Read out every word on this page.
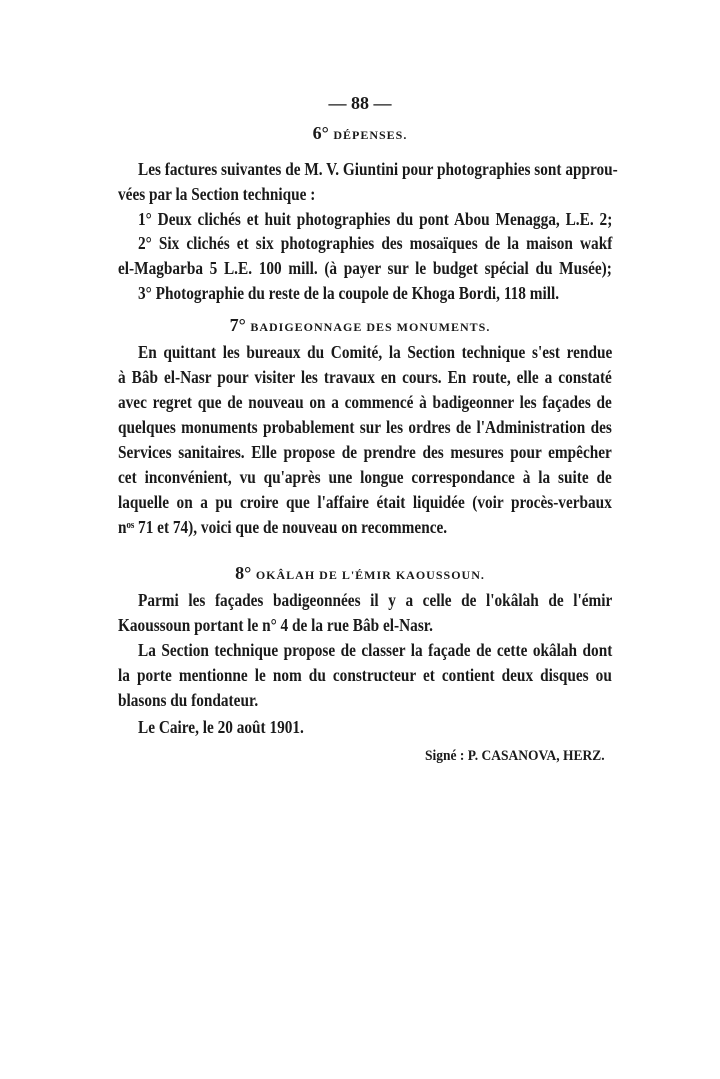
— 88 —
6° DÉPENSES.
Les factures suivantes de M. V. Giuntini pour photographies sont approu-
vées par la Section technique :
1° Deux clichés et huit photographies du pont Abou Menagga, L.E. 2;
2° Six clichés et six photographies des mosaïques de la maison wakf
el-Magbarba 5 L.E. 100 mill. (à payer sur le budget spécial du Musée);
3° Photographie du reste de la coupole de Khoga Bordi, 118 mill.
7° BADIGEONNAGE DES MONUMENTS.
En quittant les bureaux du Comité, la Section technique s'est rendue
à Bâb el-Nasr pour visiter les travaux en cours. En route, elle a constaté
avec regret que de nouveau on a commencé à badigeonner les façades de
quelques monuments probablement sur les ordres de l'Administration des
Services sanitaires. Elle propose de prendre des mesures pour empêcher
cet inconvénient, vu qu'après une longue correspondance à la suite de
laquelle on a pu croire que l'affaire était liquidée (voir procès-verbaux
nᵒˢ 71 et 74), voici que de nouveau on recommence.
8° OKÂLAH DE L'ÉMIR KAOUSSOUN.
Parmi les façades badigeonnées il y a celle de l'okâlah de l'émir
Kaoussoun portant le n° 4 de la rue Bâb el-Nasr.
La Section technique propose de classer la façade de cette okâlah dont
la porte mentionne le nom du constructeur et contient deux disques ou
blasons du fondateur.
Le Caire, le 20 août 1901.
Signé : P. CASANOVA, HERZ.
